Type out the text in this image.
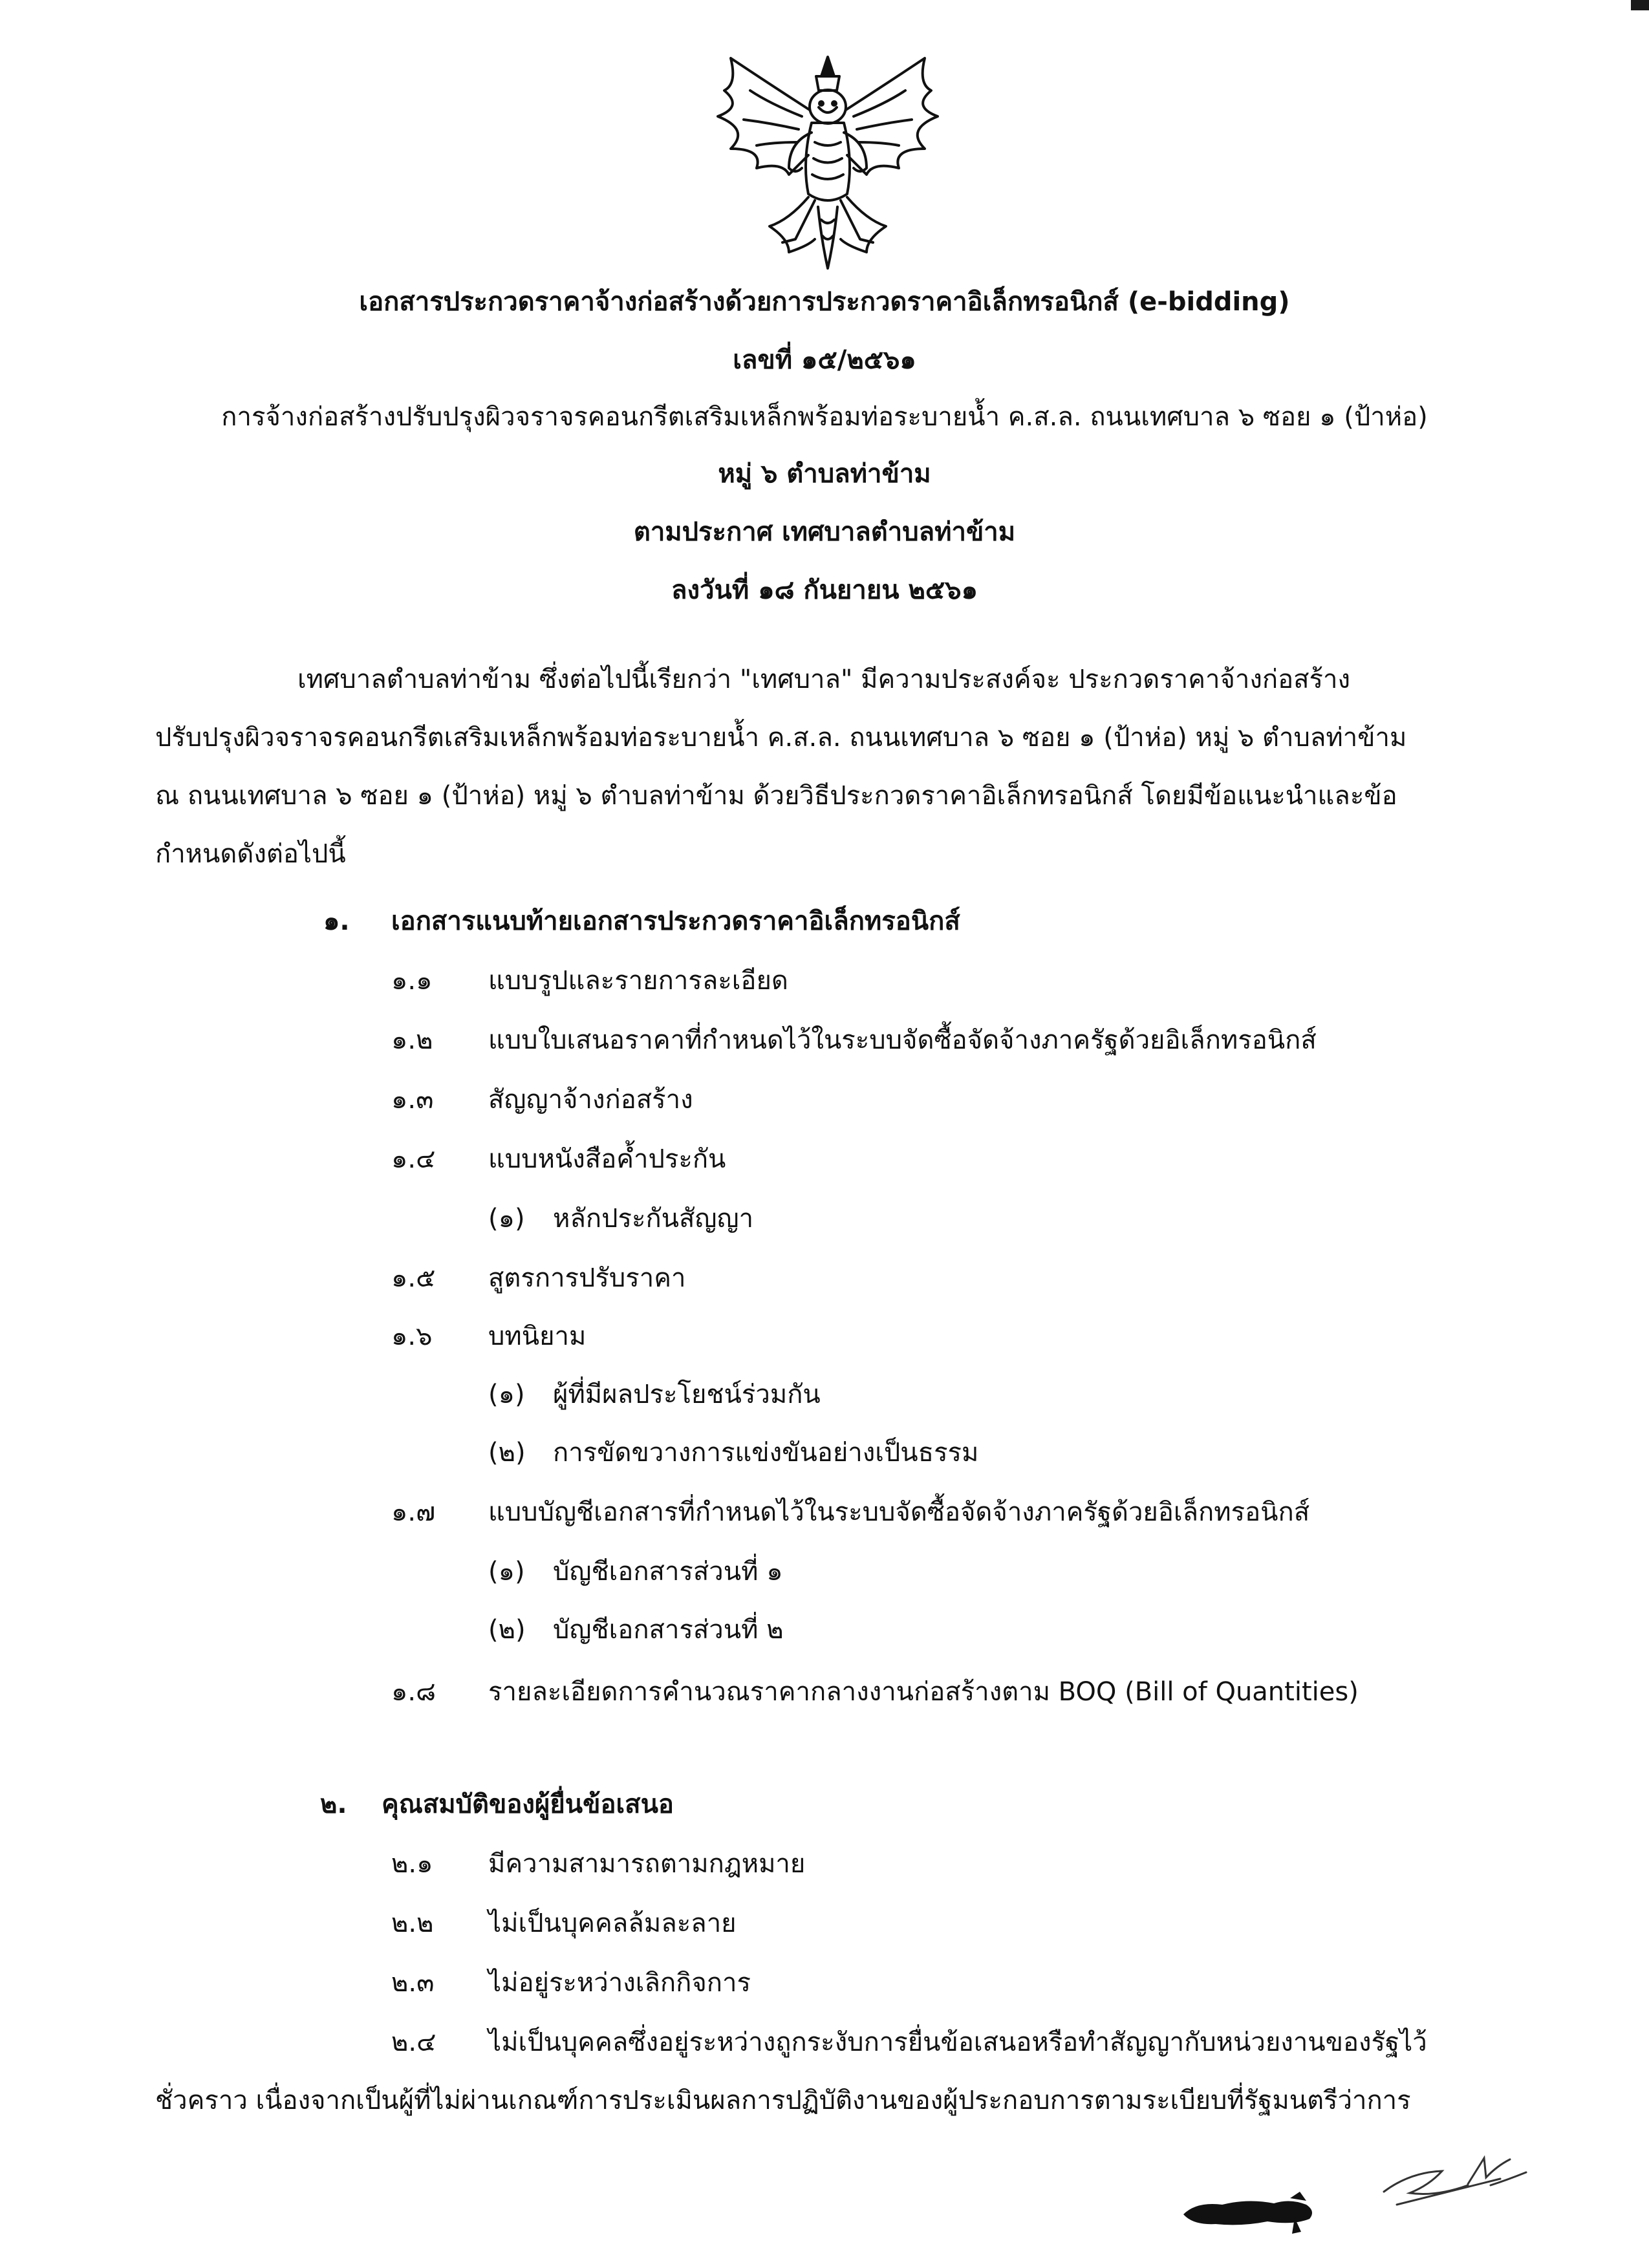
เอกสารประกวดราคาจ้างก่อสร้างด้วยการประกวดราคาอิเล็กทรอนิกส์ (e-bidding)
เลขที่ ๑๕/๒๕๖๑
การจ้างก่อสร้างปรับปรุงผิวจราจรคอนกรีตเสริมเหล็กพร้อมท่อระบายน้ำ ค.ส.ล. ถนนเทศบาล ๖ ซอย ๑ (ป้าห่อ)
หมู่ ๖ ตำบลท่าข้าม
ตามประกาศ เทศบาลตำบลท่าข้าม
ลงวันที่ ๑๘ กันยายน ๒๕๖๑
เทศบาลตำบลท่าข้าม ซึ่งต่อไปนี้เรียกว่า "เทศบาล" มีความประสงค์จะ ประกวดราคาจ้างก่อสร้าง
ปรับปรุงผิวจราจรคอนกรีตเสริมเหล็กพร้อมท่อระบายน้ำ ค.ส.ล. ถนนเทศบาล ๖ ซอย ๑ (ป้าห่อ) หมู่ ๖ ตำบลท่าข้าม
ณ ถนนเทศบาล ๖ ซอย ๑ (ป้าห่อ) หมู่ ๖ ตำบลท่าข้าม ด้วยวิธีประกวดราคาอิเล็กทรอนิกส์ โดยมีข้อแนะนำและข้อ
กำหนดดังต่อไปนี้
๑. เอกสารแนบท้ายเอกสารประกวดราคาอิเล็กทรอนิกส์
๑.๑ แบบรูปและรายการละเอียด
๑.๒ แบบใบเสนอราคาที่กำหนดไว้ในระบบจัดซื้อจัดจ้างภาครัฐด้วยอิเล็กทรอนิกส์
๑.๓ สัญญาจ้างก่อสร้าง
๑.๔ แบบหนังสือค้ำประกัน
(๑) หลักประกันสัญญา
๑.๕ สูตรการปรับราคา
๑.๖ บทนิยาม
(๑) ผู้ที่มีผลประโยชน์ร่วมกัน
(๒) การขัดขวางการแข่งขันอย่างเป็นธรรม
๑.๗ แบบบัญชีเอกสารที่กำหนดไว้ในระบบจัดซื้อจัดจ้างภาครัฐด้วยอิเล็กทรอนิกส์
(๑) บัญชีเอกสารส่วนที่ ๑
(๒) บัญชีเอกสารส่วนที่ ๒
๑.๘ รายละเอียดการคำนวณราคากลางงานก่อสร้างตาม BOQ (Bill of Quantities)
๒. คุณสมบัติของผู้ยื่นข้อเสนอ
๒.๑ มีความสามารถตามกฎหมาย
๒.๒ ไม่เป็นบุคคลล้มละลาย
๒.๓ ไม่อยู่ระหว่างเลิกกิจการ
๒.๔ ไม่เป็นบุคคลซึ่งอยู่ระหว่างถูกระงับการยื่นข้อเสนอหรือทำสัญญากับหน่วยงานของรัฐไว้
ชั่วคราว เนื่องจากเป็นผู้ที่ไม่ผ่านเกณฑ์การประเมินผลการปฏิบัติงานของผู้ประกอบการตามระเบียบที่รัฐมนตรีว่าการ
